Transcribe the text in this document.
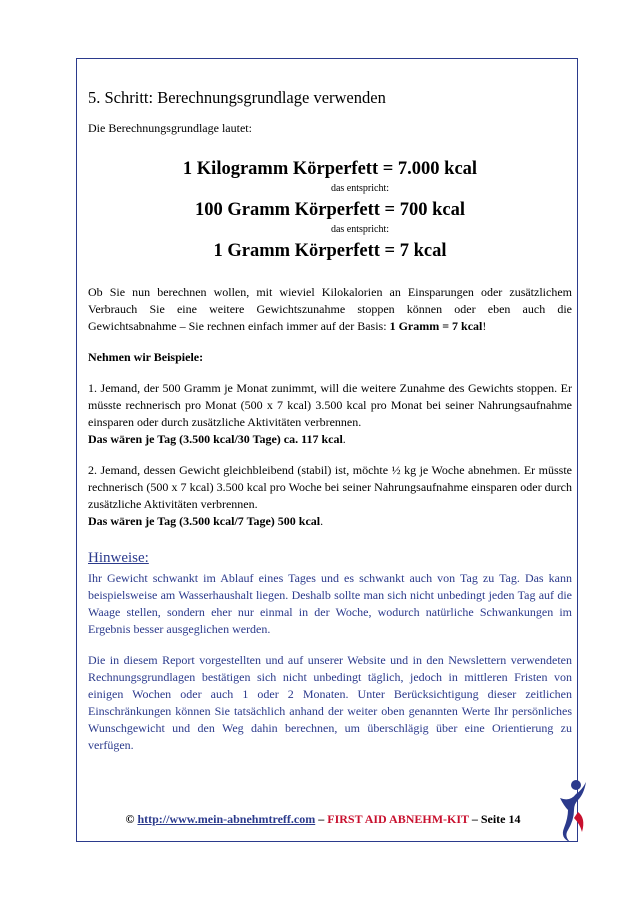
5. Schritt: Berechnungsgrundlage verwenden

Die Berechnungsgrundlage lautet:

1 Kilogramm Körperfett = 7.000 kcal

das entspricht:

100 Gramm Körperfett = 700 kcal

das entspricht:

1 Gramm Körperfett = 7 kcal

Ob Sie nun berechnen wollen, mit wieviel Kilokalorien an Einsparungen oder zusätzlichem Verbrauch Sie eine weitere Gewichtszunahme stoppen können oder eben auch die Gewichtsabnahme – Sie rechnen einfach immer auf der Basis: 1 Gramm = 7 kcal!

Nehmen wir Beispiele:

1. Jemand, der 500 Gramm je Monat zunimmt, will die weitere Zunahme des Gewichts stoppen. Er müsste rechnerisch pro Monat (500 x 7 kcal) 3.500 kcal pro Monat bei seiner Nahrungsaufnahme einsparen oder durch zusätzliche Aktivitäten verbrennen.
Das wären je Tag (3.500 kcal/30 Tage) ca. 117 kcal.

2. Jemand, dessen Gewicht gleichbleibend (stabil) ist, möchte ½ kg je Woche abnehmen. Er müsste rechnerisch (500 x 7 kcal) 3.500 kcal pro Woche bei seiner Nahrungsaufnahme einsparen oder durch zusätzliche Aktivitäten verbrennen.
Das wären je Tag (3.500 kcal/7 Tage) 500 kcal.

Hinweise:

Ihr Gewicht schwankt im Ablauf eines Tages und es schwankt auch von Tag zu Tag. Das kann beispielsweise am Wasserhaushalt liegen. Deshalb sollte man sich nicht unbedingt jeden Tag auf die Waage stellen, sondern eher nur einmal in der Woche, wodurch natürliche Schwankungen im Ergebnis besser ausgeglichen werden.

Die in diesem Report vorgestellten und auf unserer Website und in den Newslettern verwendeten Rechnungsgrundlagen bestätigen sich nicht unbedingt täglich, jedoch in mittleren Fristen von einigen Wochen oder auch 1 oder 2 Monaten. Unter Berücksichtigung dieser zeitlichen Einschränkungen können Sie tatsächlich anhand der weiter oben genannten Werte Ihr persönliches Wunschgewicht und den Weg dahin berechnen, um überschlägig über eine Orientierung zu verfügen.

© http://www.mein-abnehmtreff.com – FIRST AID ABNEHM-KIT – Seite 14
